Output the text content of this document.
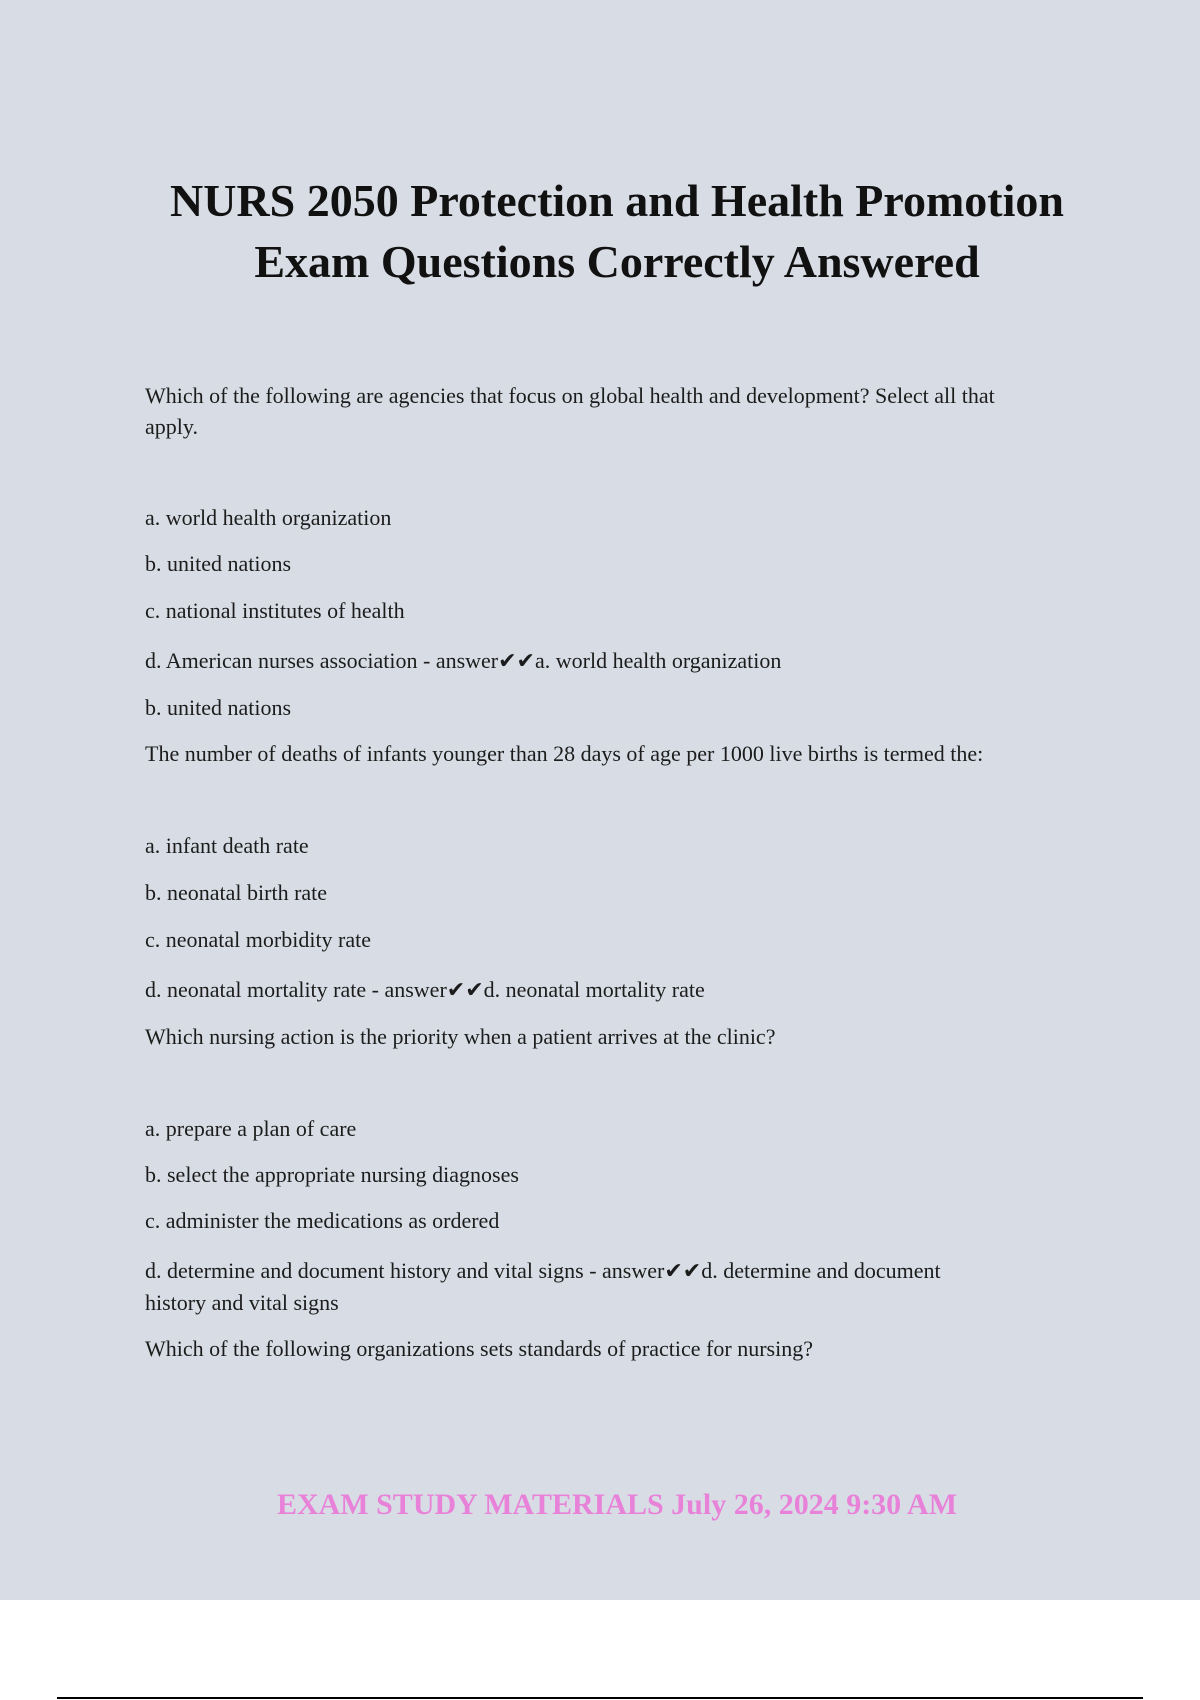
NURS 2050 Protection and Health Promotion
Exam Questions Correctly Answered
Which of the following are agencies that focus on global health and development? Select all that
apply.
a. world health organization
b. united nations
c. national institutes of health
d. American nurses association - answer✔✔a. world health organization
b. united nations
The number of deaths of infants younger than 28 days of age per 1000 live births is termed the:
a. infant death rate
b. neonatal birth rate
c. neonatal morbidity rate
d. neonatal mortality rate - answer✔✔d. neonatal mortality rate
Which nursing action is the priority when a patient arrives at the clinic?
a. prepare a plan of care
b. select the appropriate nursing diagnoses
c. administer the medications as ordered
d. determine and document history and vital signs - answer✔✔d. determine and document
history and vital signs
Which of the following organizations sets standards of practice for nursing?
EXAM STUDY MATERIALS July 26, 2024 9:30 AM
